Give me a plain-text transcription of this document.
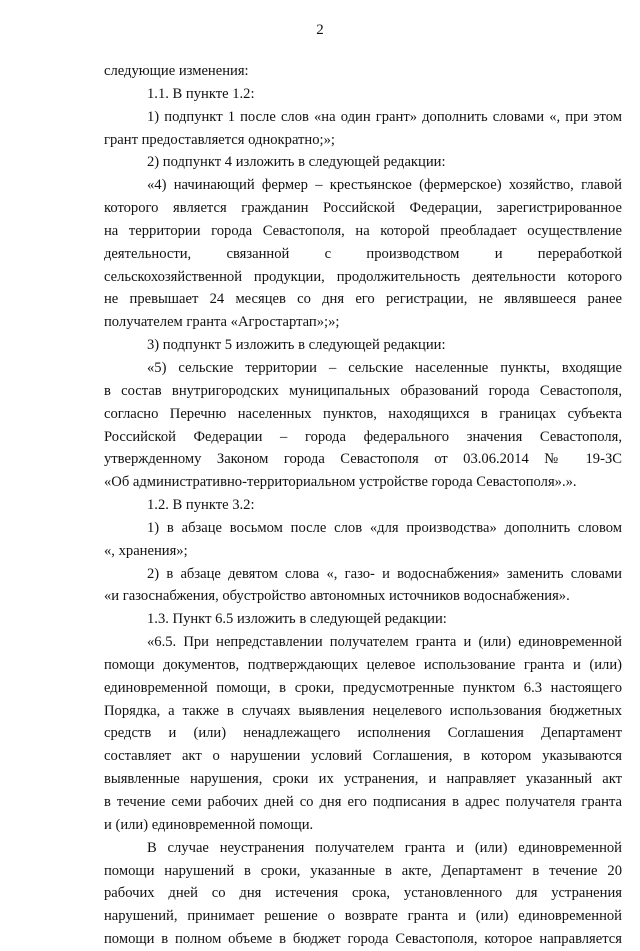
2
следующие изменения:
1.1. В пункте 1.2:
1) подпункт 1 после слов «на один грант» дополнить словами «, при этом
грант предоставляется однократно;»;
2) подпункт 4 изложить в следующей редакции:
«4) начинающий фермер – крестьянское (фермерское) хозяйство, главой
которого является гражданин Российской Федерации, зарегистрированное
на территории города Севастополя, на которой преобладает осуществление
деятельности, связанной с производством и переработкой
сельскохозяйственной продукции, продолжительность деятельности которого
не превышает 24 месяцев со дня его регистрации, не являвшееся ранее
получателем гранта «Агростартап»;»;
3) подпункт 5 изложить в следующей редакции:
«5) сельские территории – сельские населенные пункты, входящие
в состав внутригородских муниципальных образований города Севастополя,
согласно Перечню населенных пунктов, находящихся в границах субъекта
Российской Федерации – города федерального значения Севастополя,
утвержденному Законом города Севастополя от 03.06.2014 № 19-ЗС
«Об административно-территориальном устройстве города Севастополя».».
1.2. В пункте 3.2:
1) в абзаце восьмом после слов «для производства» дополнить словом
«, хранения»;
2) в абзаце девятом слова «, газо- и водоснабжения» заменить словами
«и газоснабжения, обустройство автономных источников водоснабжения».
1.3. Пункт 6.5 изложить в следующей редакции:
«6.5. При непредставлении получателем гранта и (или) единовременной
помощи документов, подтверждающих целевое использование гранта и (или)
единовременной помощи, в сроки, предусмотренные пунктом 6.3 настоящего
Порядка, а также в случаях выявления нецелевого использования бюджетных
средств и (или) ненадлежащего исполнения Соглашения Департамент
составляет акт о нарушении условий Соглашения, в котором указываются
выявленные нарушения, сроки их устранения, и направляет указанный акт
в течение семи рабочих дней со дня его подписания в адрес получателя гранта
и (или) единовременной помощи.
В случае неустранения получателем гранта и (или) единовременной
помощи нарушений в сроки, указанные в акте, Департамент в течение 20
рабочих дней со дня истечения срока, установленного для устранения
нарушений, принимает решение о возврате гранта и (или) единовременной
помощи в полном объеме в бюджет города Севастополя, которое направляется
